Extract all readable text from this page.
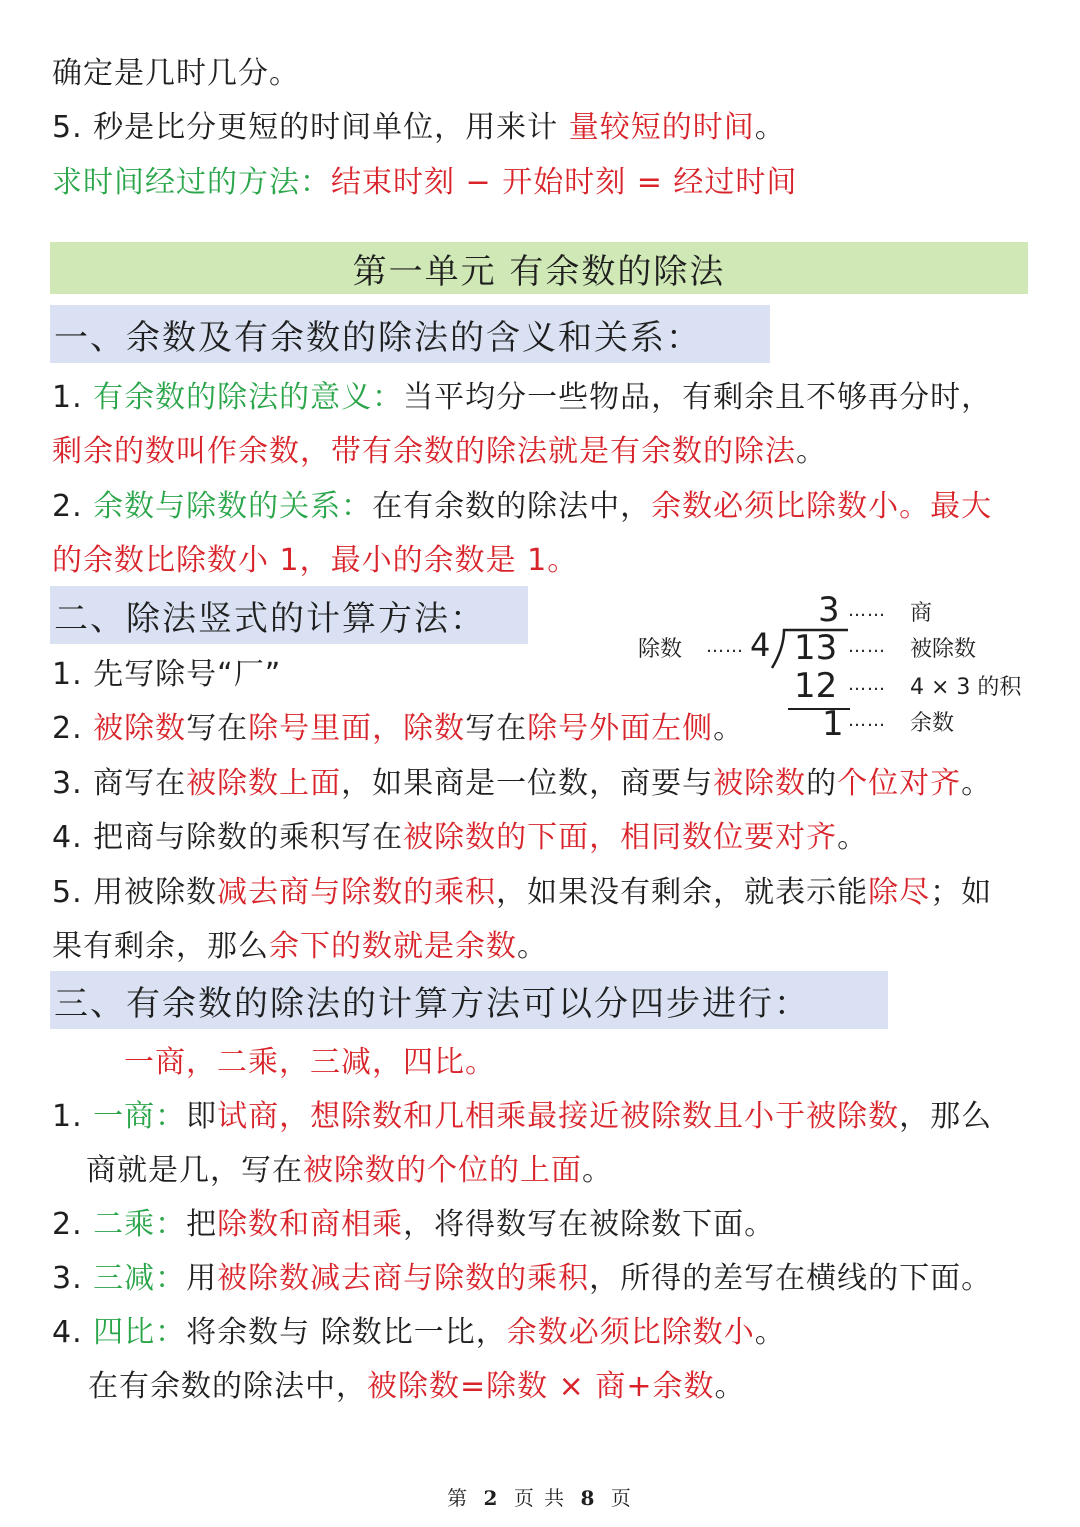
确定是几时几分。
5. 秒是比分更短的时间单位，用来计 量较短的时间。
求时间经过的方法：结束时刻 − 开始时刻 = 经过时间
第一单元 有余数的除法
一、余数及有余数的除法的含义和关系：
1. 有余数的除法的意义：当平均分一些物品，有剩余且不够再分时，
剩余的数叫作余数，带有余数的除法就是有余数的除法。
2. 余数与除数的关系：在有余数的除法中，余数必须比除数小。最大
的余数比除数小 1，最小的余数是 1。
二、除法竖式的计算方法：
1. 先写除号“厂”
2. 被除数写在除号里面，除数写在除号外面左侧。
3. 商写在被除数上面，如果商是一位数，商要与被除数的个位对齐。
4. 把商与除数的乘积写在被除数的下面，相同数位要对齐。
5. 用被除数减去商与除数的乘积，如果没有剩余，就表示能除尽；如
果有剩余，那么余下的数就是余数。
3 …… 商
除数 …… 4 13 …… 被除数
12 …… 4 × 3 的积
1 …… 余数
三、有余数的除法的计算方法可以分四步进行：
一商，二乘，三减，四比。
1. 一商：即试商，想除数和几相乘最接近被除数且小于被除数，那么
商就是几，写在被除数的个位的上面。
2. 二乘：把除数和商相乘，将得数写在被除数下面。
3. 三减：用被除数减去商与除数的乘积，所得的差写在横线的下面。
4. 四比：将余数与 除数比一比，余数必须比除数小。
在有余数的除法中，被除数=除数 × 商+余数。
第 2 页 共 8 页
